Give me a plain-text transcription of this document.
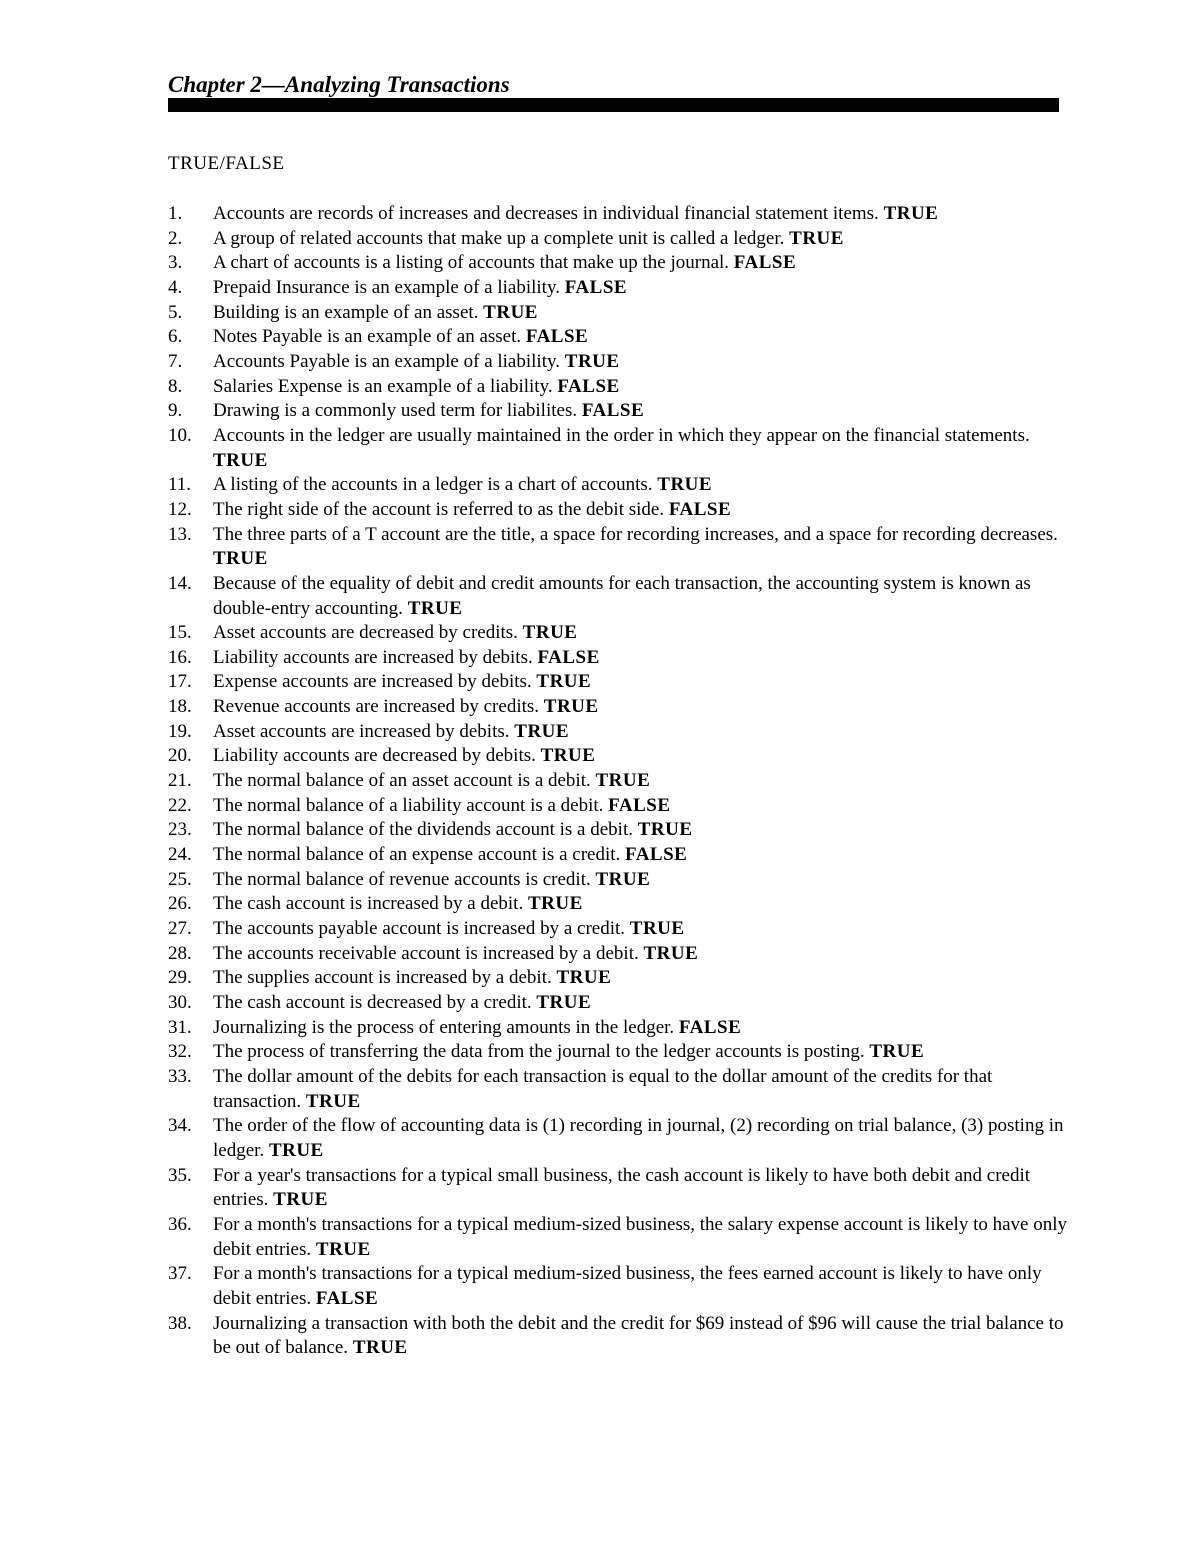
Chapter 2—Analyzing Transactions
TRUE/FALSE
1.	Accounts are records of increases and decreases in individual financial statement items. TRUE
2.	A group of related accounts that make up a complete unit is called a ledger. TRUE
3.	A chart of accounts is a listing of accounts that make up the journal. FALSE
4.	Prepaid Insurance is an example of a liability. FALSE
5.	Building is an example of an asset. TRUE
6.	Notes Payable is an example of an asset. FALSE
7.	Accounts Payable is an example of a liability. TRUE
8.	Salaries Expense is an example of a liability. FALSE
9.	Drawing is a commonly used term for liabilites. FALSE
10.	Accounts in the ledger are usually maintained in the order in which they appear on the financial statements. TRUE
11.	A listing of the accounts in a ledger is a chart of accounts. TRUE
12.	The right side of the account is referred to as the debit side. FALSE
13.	The three parts of a T account are the title, a space for recording increases, and a space for recording decreases. TRUE
14.	Because of the equality of debit and credit amounts for each transaction, the accounting system is known as double-entry accounting. TRUE
15.	Asset accounts are decreased by credits. TRUE
16.	Liability accounts are increased by debits. FALSE
17.	Expense accounts are increased by debits. TRUE
18.	Revenue accounts are increased by credits. TRUE
19.	Asset accounts are increased by debits. TRUE
20.	Liability accounts are decreased by debits. TRUE
21.	The normal balance of an asset account is a debit. TRUE
22.	The normal balance of a liability account is a debit. FALSE
23.	The normal balance of the dividends account is a debit. TRUE
24.	The normal balance of an expense account is a credit. FALSE
25.	The normal balance of revenue accounts is credit. TRUE
26.	The cash account is increased by a debit. TRUE
27.	The accounts payable account is increased by a credit. TRUE
28.	The accounts receivable account is increased by a debit. TRUE
29.	The supplies account is increased by a debit. TRUE
30.	The cash account is decreased by a credit. TRUE
31.	Journalizing is the process of entering amounts in the ledger. FALSE
32.	The process of transferring the data from the journal to the ledger accounts is posting. TRUE
33.	The dollar amount of the debits for each transaction is equal to the dollar amount of the credits for that transaction. TRUE
34.	The order of the flow of accounting data is (1) recording in journal, (2) recording on trial balance, (3) posting in ledger. TRUE
35.	For a year's transactions for a typical small business, the cash account is likely to have both debit and credit entries. TRUE
36.	For a month's transactions for a typical medium-sized business, the salary expense account is likely to have only debit entries. TRUE
37.	For a month's transactions for a typical medium-sized business, the fees earned account is likely to have only debit entries. FALSE
38.	Journalizing a transaction with both the debit and the credit for $69 instead of $96 will cause the trial balance to be out of balance. TRUE
